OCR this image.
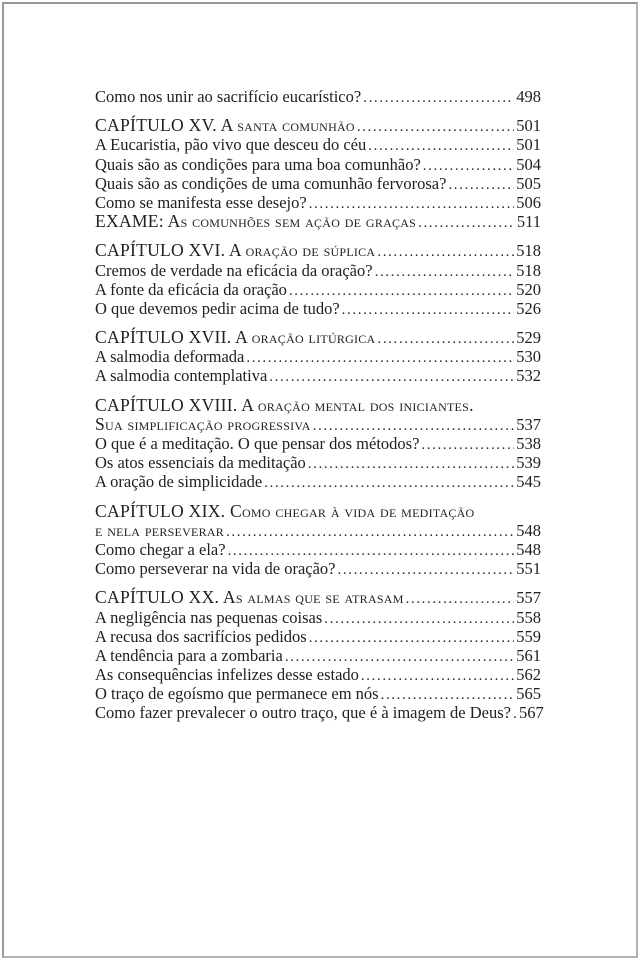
Como nos unir ao sacrifício eucarístico? .....	498
CAPÍTULO XV. A santa comunhão .....	501
A Eucaristia, pão vivo que desceu do céu .....	501
Quais são as condições para uma boa comunhão? .....	504
Quais são as condições de uma comunhão fervorosa? .....	505
Como se manifesta esse desejo? .....	506
EXAME: As comunhões sem ação de graças .....	511
CAPÍTULO XVI. A oração de súplica .....	518
Cremos de verdade na eficácia da oração? .....	518
A fonte da eficácia da oração .....	520
O que devemos pedir acima de tudo? .....	526
CAPÍTULO XVII. A oração litúrgica .....	529
A salmodia deformada .....	530
A salmodia contemplativa .....	532
CAPÍTULO XVIII. A oração mental dos iniciantes.
Sua simplificação progressiva .....	537
O que é a meditação. O que pensar dos métodos? .....	538
Os atos essenciais da meditação .....	539
A oração de simplicidade .....	545
CAPÍTULO XIX. Como chegar à vida de meditação
e nela perseverar .....	548
Como chegar a ela? .....	548
Como perseverar na vida de oração? .....	551
CAPÍTULO XX. As almas que se atrasam .....	557
A negligência nas pequenas coisas .....	558
A recusa dos sacrifícios pedidos .....	559
A tendência para a zombaria .....	561
As consequências infelizes desse estado .....	562
O traço de egoísmo que permanece em nós .....	565
Como fazer prevalecer o outro traço, que é à imagem de Deus? ..... 567
